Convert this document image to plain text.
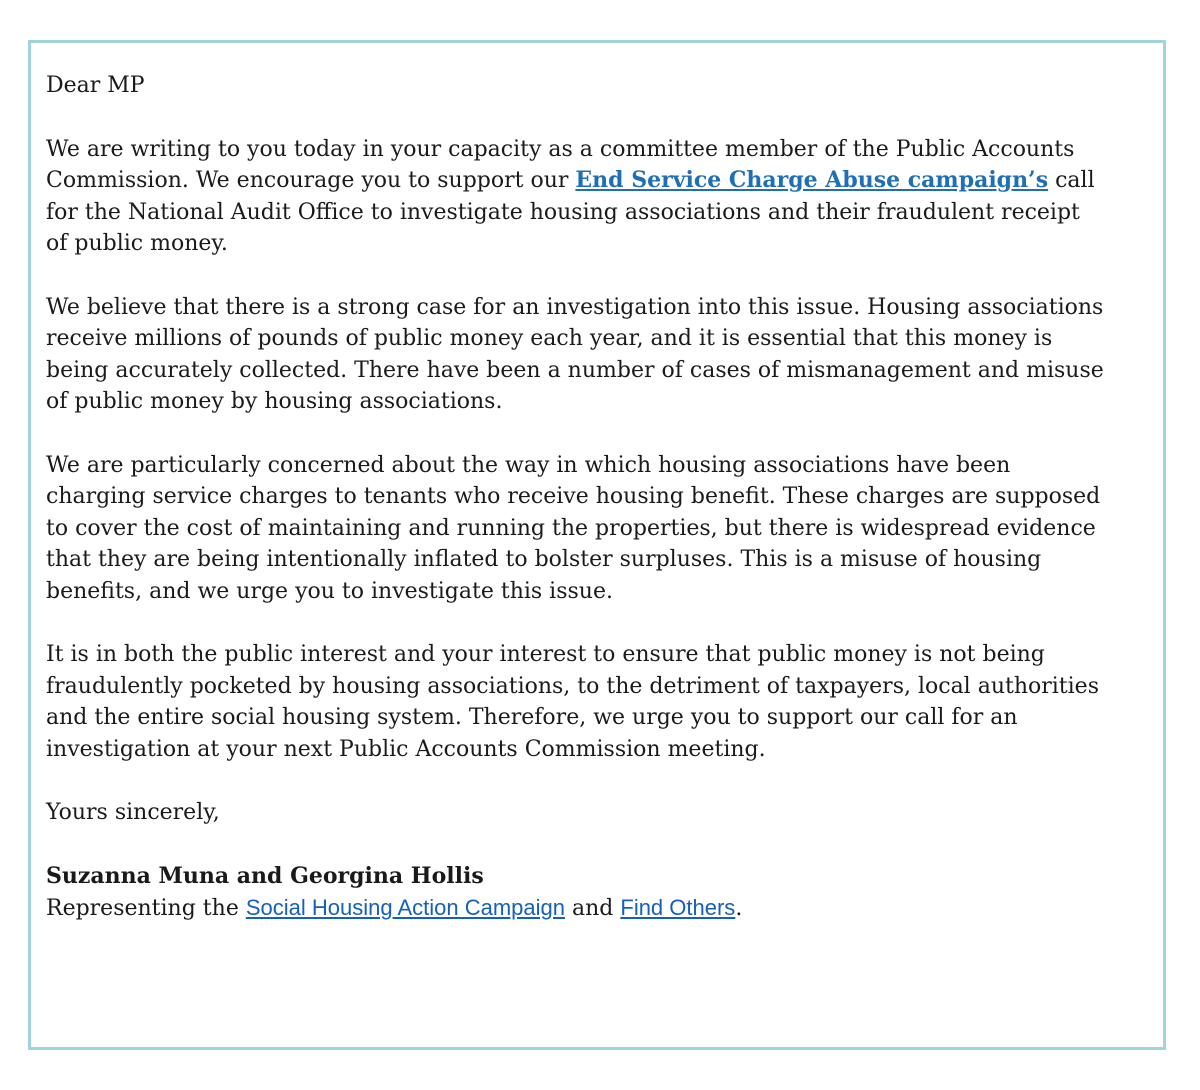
Dear MP

We are writing to you today in your capacity as a committee member of the Public Accounts Commission. We encourage you to support our End Service Charge Abuse campaign’s call for the National Audit Office to investigate housing associations and their fraudulent receipt of public money.

We believe that there is a strong case for an investigation into this issue. Housing associations receive millions of pounds of public money each year, and it is essential that this money is being accurately collected. There have been a number of cases of mismanagement and misuse of public money by housing associations.

We are particularly concerned about the way in which housing associations have been charging service charges to tenants who receive housing benefit. These charges are supposed to cover the cost of maintaining and running the properties, but there is widespread evidence that they are being intentionally inflated to bolster surpluses. This is a misuse of housing benefits, and we urge you to investigate this issue.

It is in both the public interest and your interest to ensure that public money is not being fraudulently pocketed by housing associations, to the detriment of taxpayers, local authorities and the entire social housing system. Therefore, we urge you to support our call for an investigation at your next Public Accounts Commission meeting.

Yours sincerely,

Suzanna Muna and Georgina Hollis

Representing the Social Housing Action Campaign and Find Others.
